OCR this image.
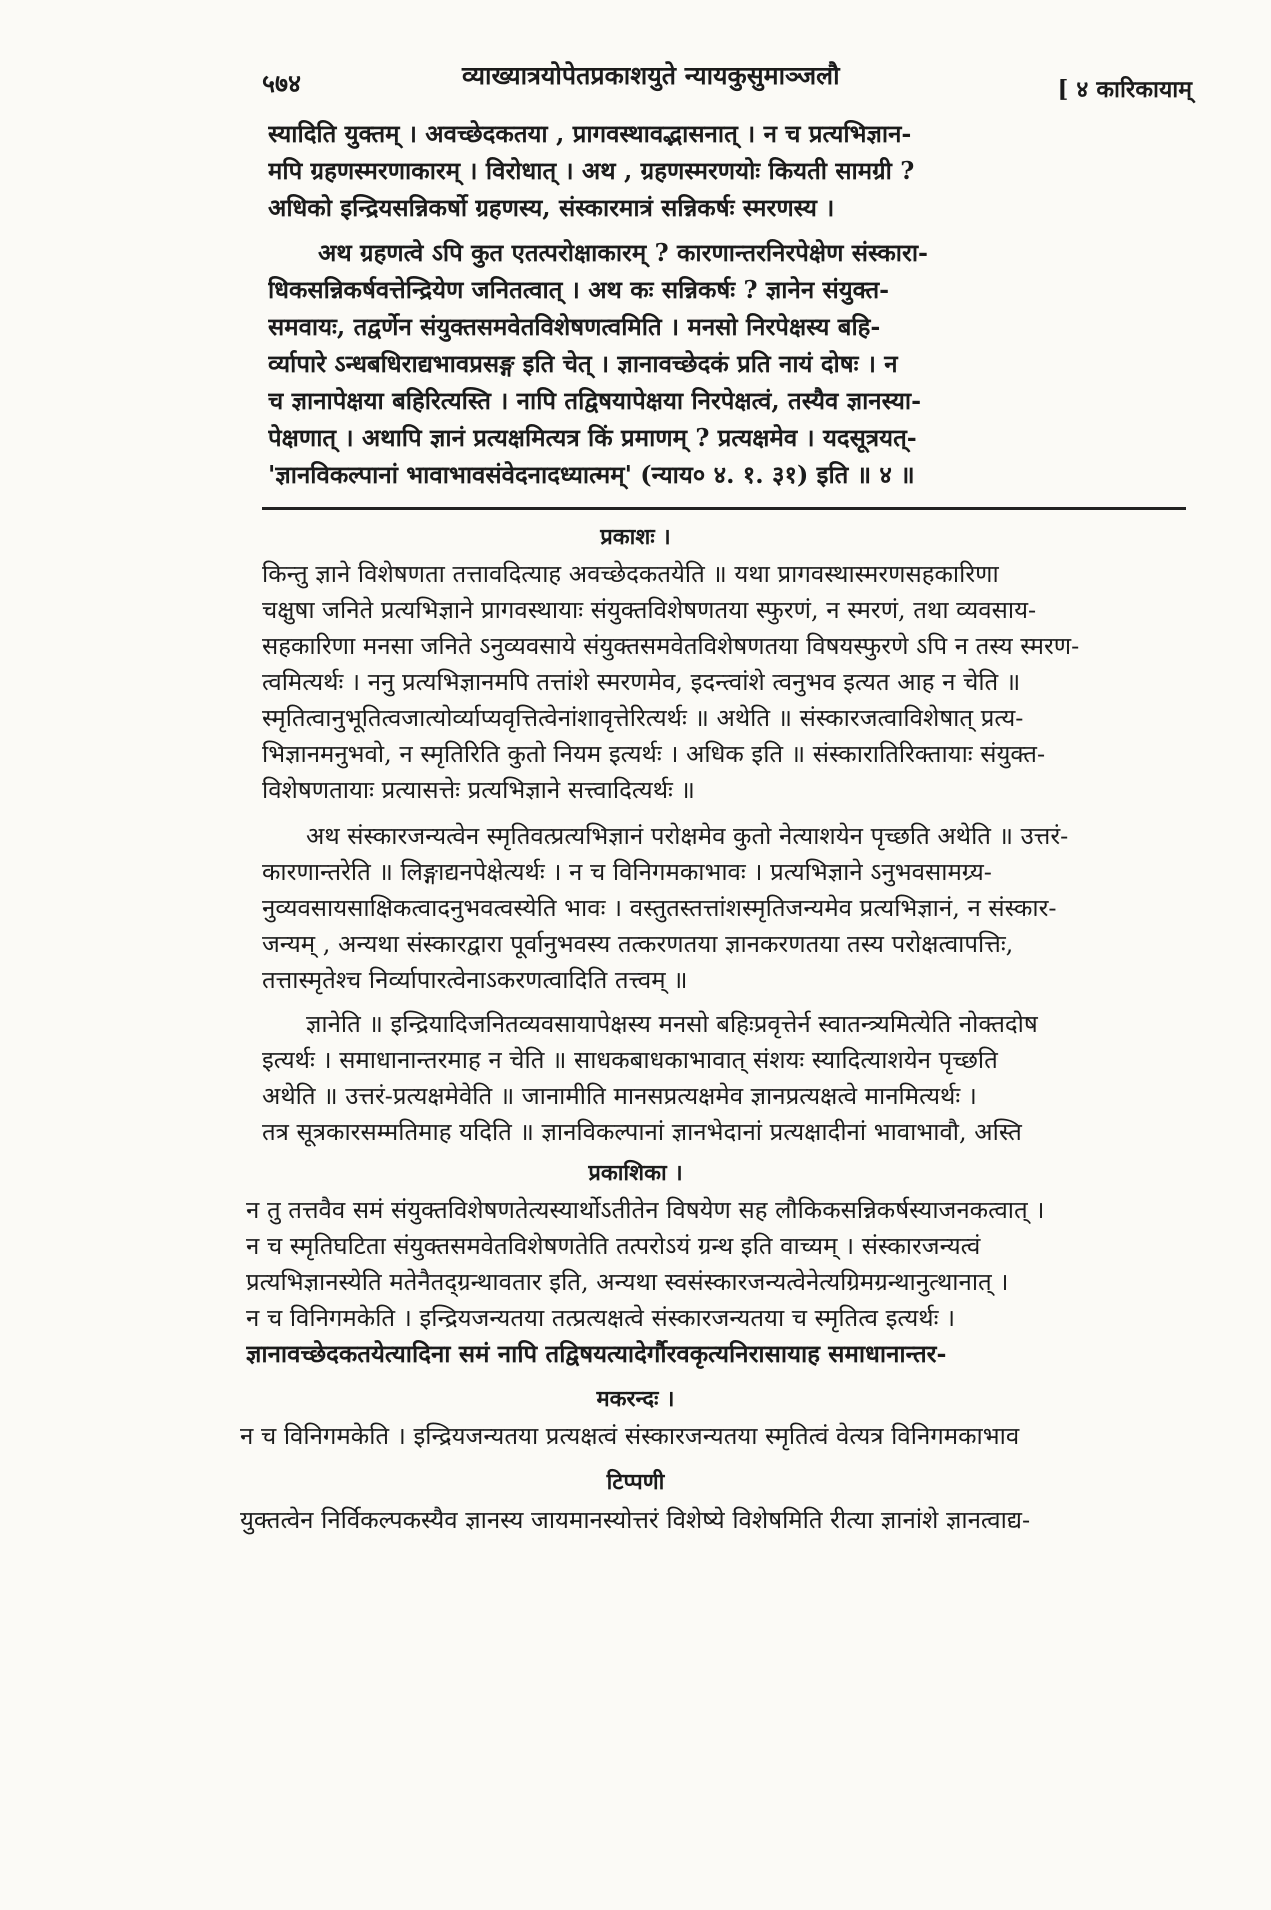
५७४	व्याख्यात्रयोपेतप्रकाशयुते न्यायकुसुमाञ्जलौ	[ ४ कारिकायाम्
स्यादिति युक्तम् । अवच्छेदकतया , प्रागवस्थावद्भासनात् । न च प्रत्यभिज्ञान-
मपि ग्रहणस्मरणाकारम् । विरोधात् । अथ , ग्रहणस्मरणयोः कियती सामग्री ?
अधिको इन्द्रियसन्निकर्षो ग्रहणस्य, संस्कारमात्रं सन्निकर्षः स्मरणस्य ।
अथ ग्रहणत्वे ऽपि कुत एतत्परोक्षाकारम् ? कारणान्तरनिरपेक्षेण संस्कारा-
धिकसन्निकर्षवत्तेन्द्रियेण जनितत्वात् । अथ कः सन्निकर्षः ? ज्ञानेन संयुक्त-
समवायः, तद्वर्णेन संयुक्तसमवेतविशेषणत्वमिति । मनसो निरपेक्षस्य बहि-
र्व्यापारे ऽन्धबधिराद्यभावप्रसङ्ग इति चेत् । ज्ञानावच्छेदकं प्रति नायं दोषः । न
च ज्ञानापेक्षया बहिरित्यस्ति । नापि तद्विषयापेक्षया निरपेक्षत्वं, तस्यैव ज्ञानस्या-
पेक्षणात् । अथापि ज्ञानं प्रत्यक्षमित्यत्र किं प्रमाणम् ? प्रत्यक्षमेव । यदसूत्रयत्-
'ज्ञानविकल्पानां भावाभावसंवेदनादध्यात्मम्' (न्याय० ४. १. ३१) इति ॥ ४ ॥
प्रकाशः ।
किन्तु ज्ञाने विशेषणता तत्तावदित्याह अवच्छेदकतयेति ॥ यथा प्रागवस्थास्मरणसहकारिणा
चक्षुषा जनिते प्रत्यभिज्ञाने प्रागवस्थायाः संयुक्तविशेषणतया स्फुरणं, न स्मरणं, तथा व्यवसाय-
सहकारिणा मनसा जनिते ऽनुव्यवसाये संयुक्तसमवेतविशेषणतया विषयस्फुरणे ऽपि न तस्य स्मरण-
त्वमित्यर्थः । ननु प्रत्यभिज्ञानमपि तत्तांशे स्मरणमेव, इदन्त्वांशे त्वनुभव इत्यत आह न चेति ॥
स्मृतित्वानुभूतित्वजात्योर्व्याप्यवृत्तित्वेनांशावृत्तेरित्यर्थः ॥ अथेति ॥ संस्कारजत्वाविशेषात् प्रत्य-
भिज्ञानमनुभवो, न स्मृतिरिति कुतो नियम इत्यर्थः । अधिक इति ॥ संस्कारातिरिक्तायाः संयुक्त-
विशेषणतायाः प्रत्यासत्तेः प्रत्यभिज्ञाने सत्त्वादित्यर्थः ॥
अथ संस्कारजन्यत्वेन स्मृतिवत्प्रत्यभिज्ञानं परोक्षमेव कुतो नेत्याशयेन पृच्छति अथेति ॥ उत्तरं-
कारणान्तरेति ॥ लिङ्गाद्यनपेक्षेत्यर्थः । न च विनिगमकाभावः । प्रत्यभिज्ञाने ऽनुभवसामग्र्य-
नुव्यवसायसाक्षिकत्वादनुभवत्वस्येति भावः । वस्तुतस्तत्तांशस्मृतिजन्यमेव प्रत्यभिज्ञानं, न संस्कार-
जन्यम् , अन्यथा संस्कारद्वारा पूर्वानुभवस्य तत्करणतया ज्ञानकरणतया तस्य परोक्षत्वापत्तिः,
तत्तास्मृतेश्च निर्व्यापारत्वेनाऽकरणत्वादिति तत्त्वम् ॥
ज्ञानेति ॥ इन्द्रियादिजनितव्यवसायापेक्षस्य मनसो बहिःप्रवृत्तेर्न स्वातन्त्र्यमित्येति नोक्तदोष
इत्यर्थः । समाधानान्तरमाह न चेति ॥ साधकबाधकाभावात् संशयः स्यादित्याशयेन पृच्छति
अथेति ॥ उत्तरं-प्रत्यक्षमेवेति ॥ जानामीति मानसप्रत्यक्षमेव ज्ञानप्रत्यक्षत्वे मानमित्यर्थः ।
तत्र सूत्रकारसम्मतिमाह यदिति ॥ ज्ञानविकल्पानां ज्ञानभेदानां प्रत्यक्षादीनां भावाभावौ, अस्ति
प्रकाशिका ।
न तु तत्तवैव समं संयुक्तविशेषणतेत्यस्यार्थोऽतीतेन विषयेण सह लौकिकसन्निकर्षस्याजनकत्वात् ।
न च स्मृतिघटिता संयुक्तसमवेतविशेषणतेति तत्परोऽयं ग्रन्थ इति वाच्यम् । संस्कारजन्यत्वं
प्रत्यभिज्ञानस्येति मतेनैतद्ग्रन्थावतार इति, अन्यथा स्वसंस्कारजन्यत्वेनेत्यग्रिमग्रन्थानुत्थानात् ।
न च विनिगमकेति । इन्द्रियजन्यतया तत्प्रत्यक्षत्वे संस्कारजन्यतया च स्मृतित्व इत्यर्थः ।
ज्ञानावच्छेदकतयेत्यादिना समं नापि तद्विषयत्यादेर्गौरवकृत्यनिरासायाह समाधानान्तर-
मकरन्दः ।
न च विनिगमकेति । इन्द्रियजन्यतया प्रत्यक्षत्वं संस्कारजन्यतया स्मृतित्वं वेत्यत्र विनिगमकाभाव
टिप्पणी
युक्तत्वेन निर्विकल्पकस्यैव ज्ञानस्य जायमानस्योत्तरं विशेष्ये विशेषमिति रीत्या ज्ञानांशे ज्ञानत्वाद्य-
